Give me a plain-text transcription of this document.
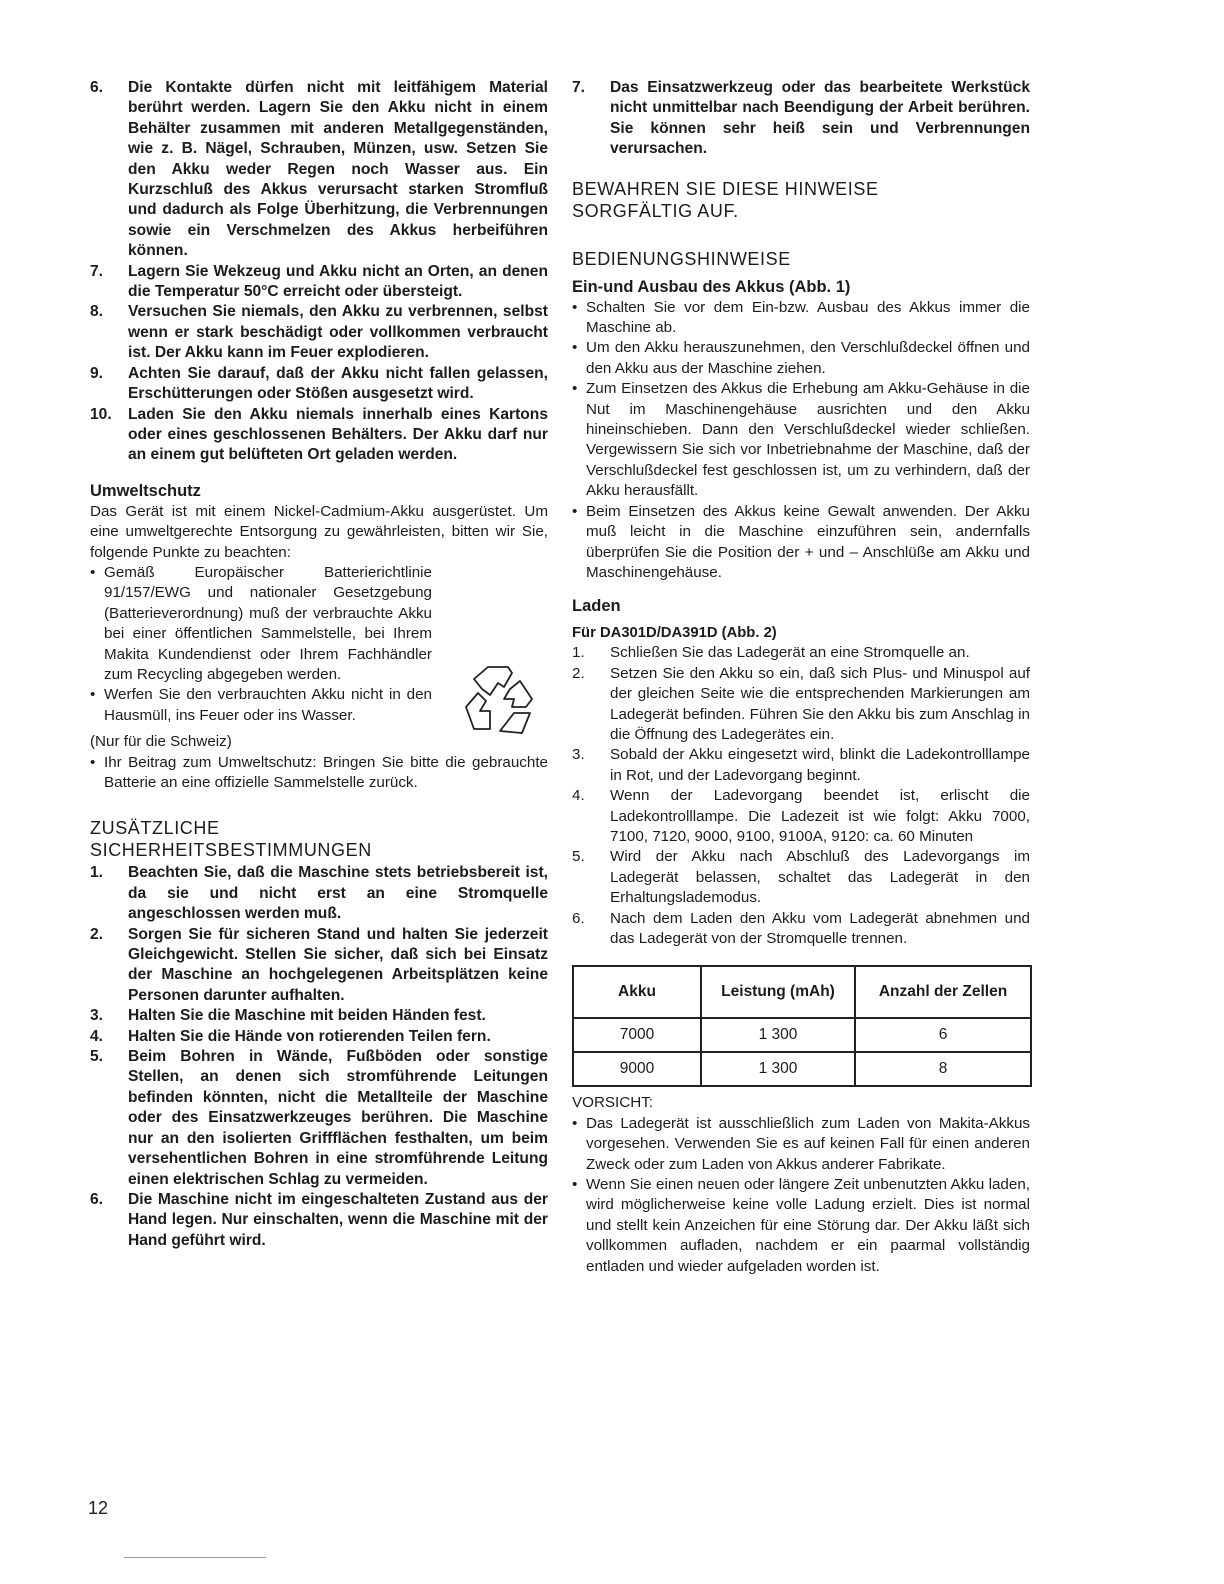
6.	Die Kontakte dürfen nicht mit leitfähigem Material berührt werden. Lagern Sie den Akku nicht in einem Behälter zusammen mit anderen Metallgegenständen, wie z. B. Nägel, Schrauben, Münzen, usw. Setzen Sie den Akku weder Regen noch Wasser aus. Ein Kurzschluß des Akkus verursacht starken Stromfluß und dadurch als Folge Überhitzung, die Verbrennungen sowie ein Verschmelzen des Akkus herbeiführen können.
7.	Lagern Sie Wekzeug und Akku nicht an Orten, an denen die Temperatur 50°C erreicht oder übersteigt.
8.	Versuchen Sie niemals, den Akku zu verbrennen, selbst wenn er stark beschädigt oder vollkommen verbraucht ist. Der Akku kann im Feuer explodieren.
9.	Achten Sie darauf, daß der Akku nicht fallen gelassen, Erschütterungen oder Stößen ausgesetzt wird.
10.	Laden Sie den Akku niemals innerhalb eines Kartons oder eines geschlossenen Behälters. Der Akku darf nur an einem gut belüfteten Ort geladen werden.

Umweltschutz

Das Gerät ist mit einem Nickel-Cadmium-Akku ausgerüstet. Um eine umweltgerechte Entsorgung zu gewährleisten, bitten wir Sie, folgende Punkte zu beachten:

• Gemäß Europäischer Batterierichtlinie 91/157/EWG und nationaler Gesetzgebung (Batterieverordnung) muß der verbrauchte Akku bei einer öffentlichen Sammelstelle, bei Ihrem Makita Kundendienst oder Ihrem Fachhändler zum Recycling abgegeben werden.
• Werfen Sie den verbrauchten Akku nicht in den Hausmüll, ins Feuer oder ins Wasser.

(Nur für die Schweiz)

• Ihr Beitrag zum Umweltschutz: Bringen Sie bitte die gebrauchte Batterie an eine offizielle Sammelstelle zurück.

ZUSÄTZLICHE

SICHERHEITSBESTIMMUNGEN

1.	Beachten Sie, daß die Maschine stets betriebsbereit ist, da sie und nicht erst an eine Stromquelle angeschlossen werden muß.
2.	Sorgen Sie für sicheren Stand und halten Sie jederzeit Gleichgewicht. Stellen Sie sicher, daß sich bei Einsatz der Maschine an hochgelegenen Arbeitsplätzen keine Personen darunter aufhalten.
3.	Halten Sie die Maschine mit beiden Händen fest.
4.	Halten Sie die Hände von rotierenden Teilen fern.
5.	Beim Bohren in Wände, Fußböden oder sonstige Stellen, an denen sich stromführende Leitungen befinden könnten, nicht die Metallteile der Maschine oder des Einsatzwerkzeuges berühren. Die Maschine nur an den isolierten Griffflächen festhalten, um beim versehentlichen Bohren in eine stromführende Leitung einen elektrischen Schlag zu vermeiden.
6.	Die Maschine nicht im eingeschalteten Zustand aus der Hand legen. Nur einschalten, wenn die Maschine mit der Hand geführt wird.
7.	Das Einsatzwerkzeug oder das bearbeitete Werkstück nicht unmittelbar nach Beendigung der Arbeit berühren. Sie können sehr heiß sein und Verbrennungen verursachen.

BEWAHREN SIE DIESE HINWEISE

SORGFÄLTIG AUF.

BEDIENUNGSHINWEISE

Ein-und Ausbau des Akkus (Abb. 1)

• Schalten Sie vor dem Ein-bzw. Ausbau des Akkus immer die Maschine ab.
• Um den Akku herauszunehmen, den Verschlußdeckel öffnen und den Akku aus der Maschine ziehen.
• Zum Einsetzen des Akkus die Erhebung am Akku-Gehäuse in die Nut im Maschinengehäuse ausrichten und den Akku hineinschieben. Dann den Verschlußdeckel wieder schließen. Vergewissern Sie sich vor Inbetriebnahme der Maschine, daß der Verschlußdeckel fest geschlossen ist, um zu verhindern, daß der Akku herausfällt.
• Beim Einsetzen des Akkus keine Gewalt anwenden. Der Akku muß leicht in die Maschine einzuführen sein, andernfalls überprüfen Sie die Position der + und – Anschlüße am Akku und Maschinengehäuse.

Laden

Für DA301D/DA391D (Abb. 2)

1. Schließen Sie das Ladegerät an eine Stromquelle an.
2. Setzen Sie den Akku so ein, daß sich Plus- und Minuspol auf der gleichen Seite wie die entsprechenden Markierungen am Ladegerät befinden. Führen Sie den Akku bis zum Anschlag in die Öffnung des Ladegerätes ein.
3. Sobald der Akku eingesetzt wird, blinkt die Ladekontrolllampe in Rot, und der Ladevorgang beginnt.
4. Wenn der Ladevorgang beendet ist, erlischt die Ladekontrolllampe. Die Ladezeit ist wie folgt: Akku 7000, 7100, 7120, 9000, 9100, 9100A, 9120: ca. 60 Minuten
5. Wird der Akku nach Abschluß des Ladevorgangs im Ladegerät belassen, schaltet das Ladegerät in den Erhaltungslademodus.
6. Nach dem Laden den Akku vom Ladegerät abnehmen und das Ladegerät von der Stromquelle trennen.
Akku	Leistung (mAh)	Anzahl der Zellen
7000	1 300	6
9000	1 300	8

VORSICHT:

• Das Ladegerät ist ausschließlich zum Laden von Makita-Akkus vorgesehen. Verwenden Sie es auf keinen Fall für einen anderen Zweck oder zum Laden von Akkus anderer Fabrikate.
• Wenn Sie einen neuen oder längere Zeit unbenutzten Akku laden, wird möglicherweise keine volle Ladung erzielt. Dies ist normal und stellt kein Anzeichen für eine Störung dar. Der Akku läßt sich vollkommen aufladen, nachdem er ein paarmal vollständig entladen und wieder aufgeladen worden ist.
12
